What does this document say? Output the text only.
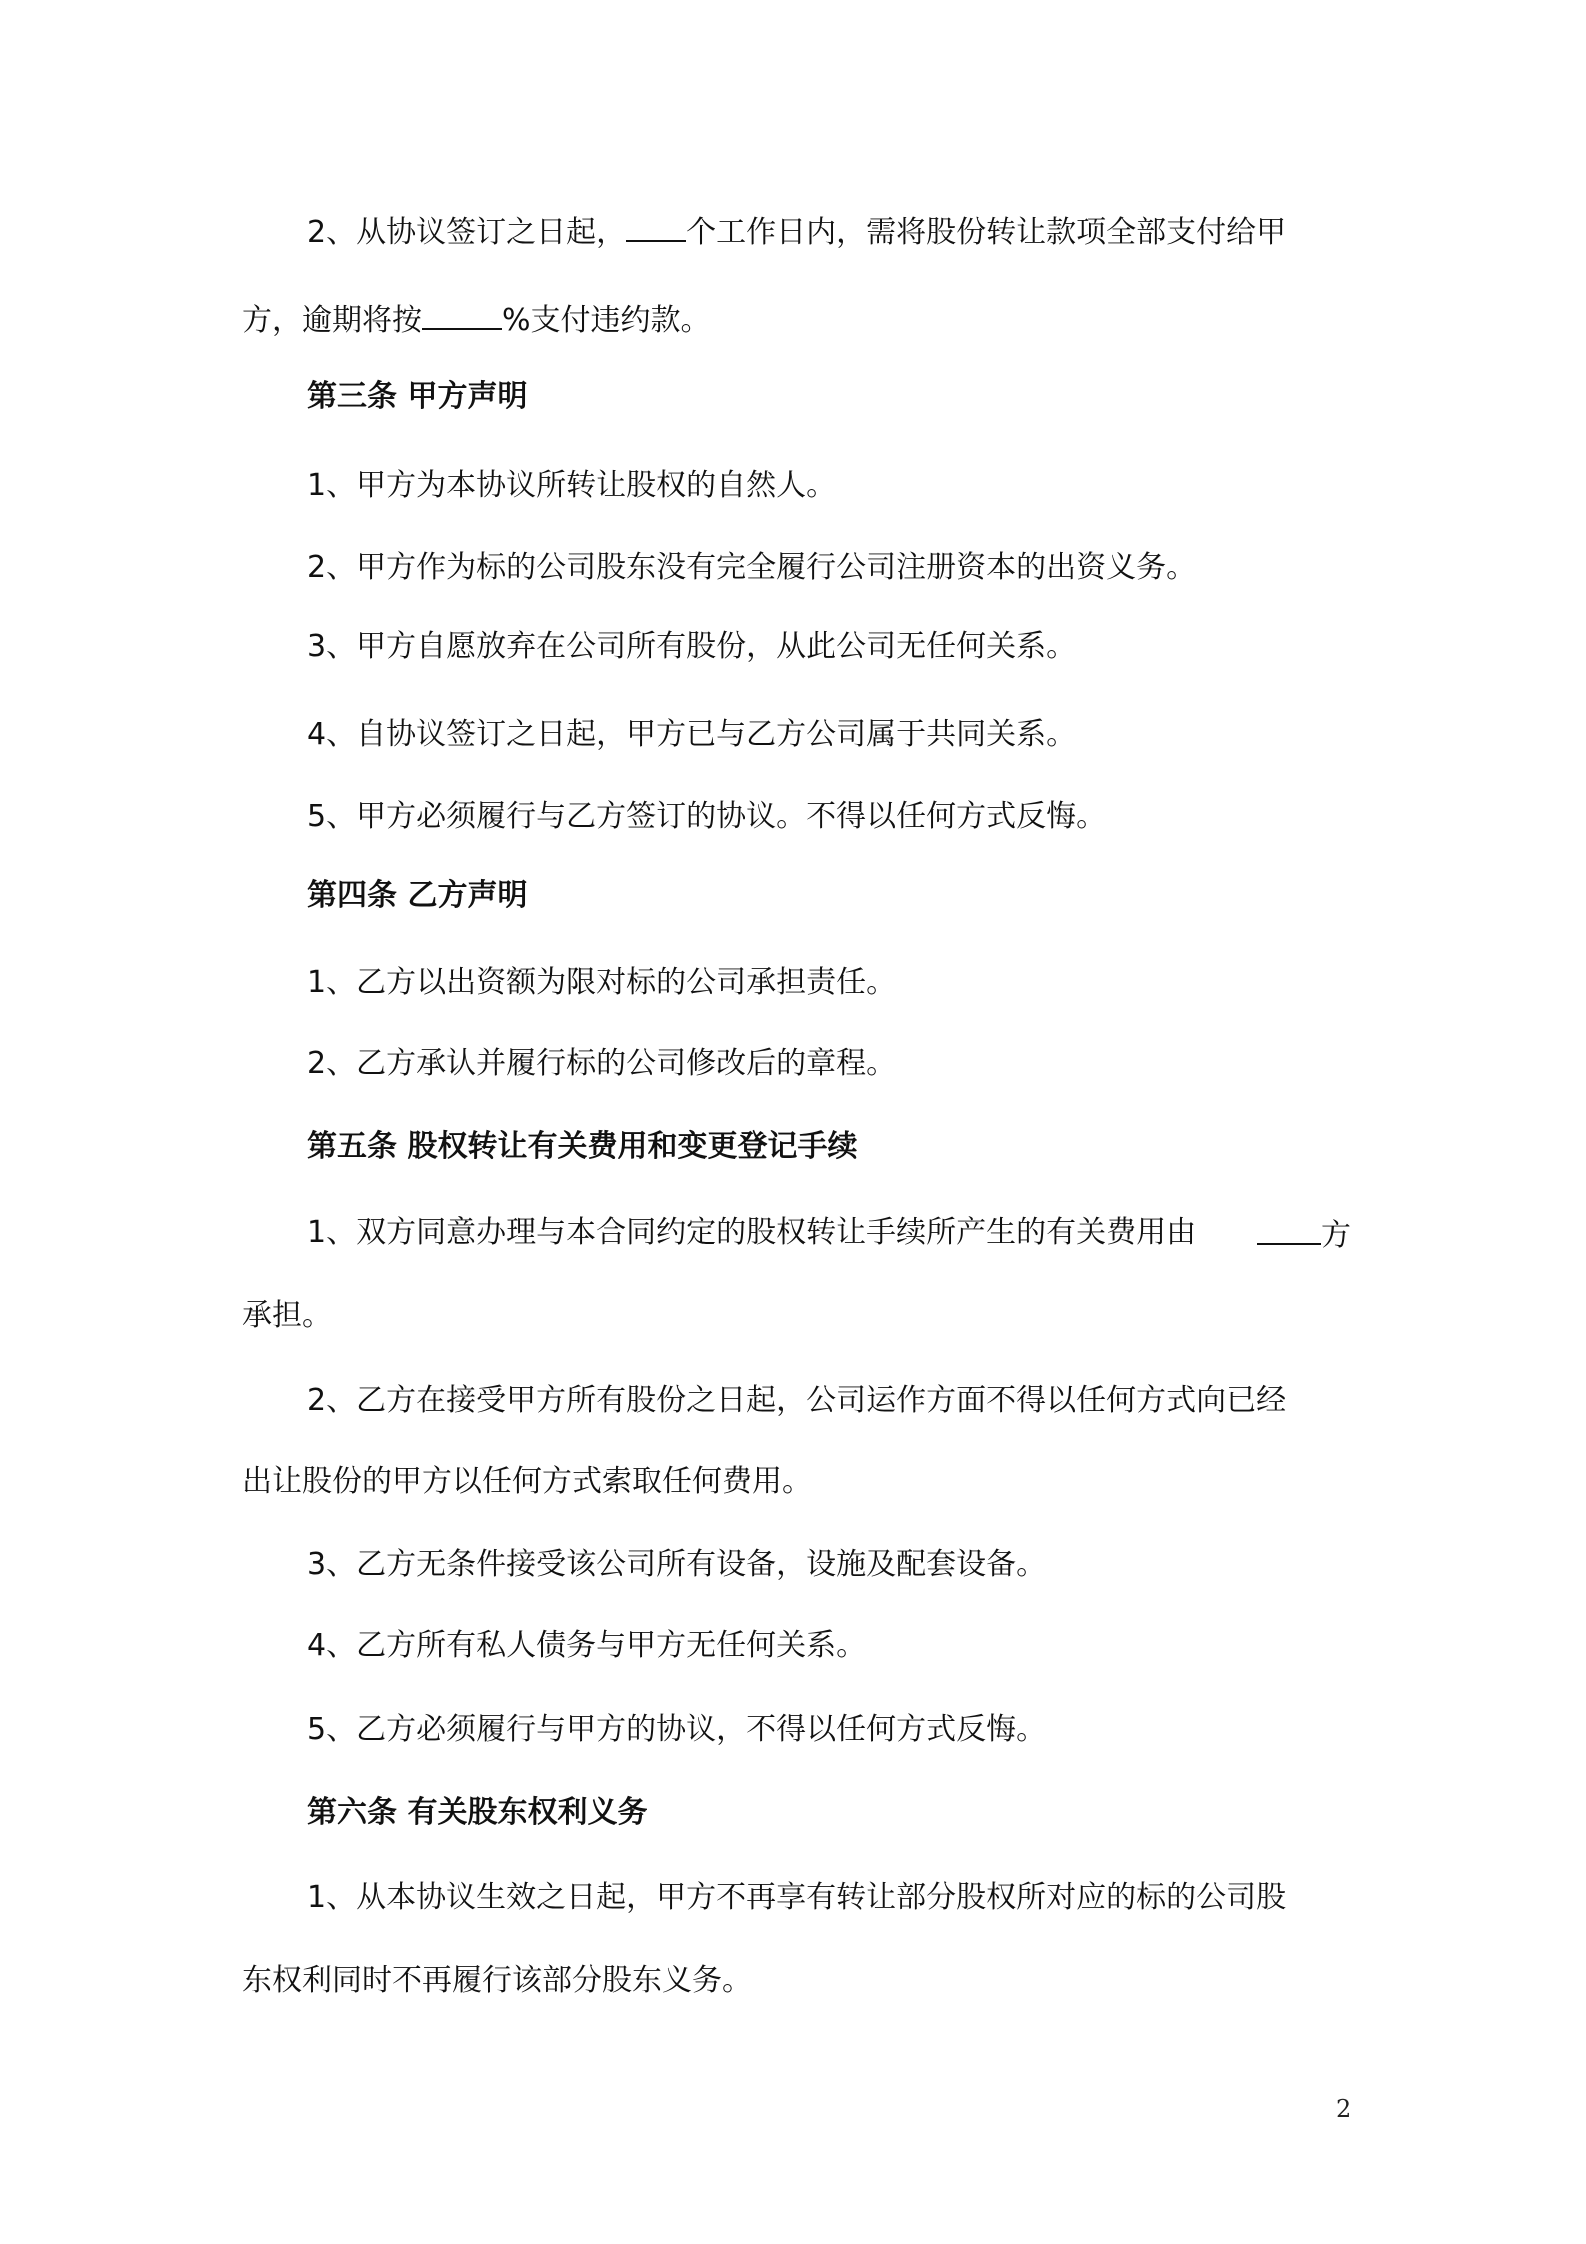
2、从协议签订之日起， 个工作日内，需将股份转让款项全部支付给甲
方，逾期将按	%支付违约款。
第三条 甲方声明
1、甲方为本协议所转让股权的自然人。
2、甲方作为标的公司股东没有完全履行公司注册资本的出资义务。
3、甲方自愿放弃在公司所有股份，从此公司无任何关系。
4、自协议签订之日起，甲方已与乙方公司属于共同关系。
5、甲方必须履行与乙方签订的协议。不得以任何方式反悔。
第四条 乙方声明
1、乙方以出资额为限对标的公司承担责任。
2、乙方承认并履行标的公司修改后的章程。
第五条 股权转让有关费用和变更登记手续
1、双方同意办理与本合同约定的股权转让手续所产生的有关费用由	方
承担。
2、乙方在接受甲方所有股份之日起，公司运作方面不得以任何方式向已经
出让股份的甲方以任何方式索取任何费用。
3、乙方无条件接受该公司所有设备，设施及配套设备。
4、乙方所有私人债务与甲方无任何关系。
5、乙方必须履行与甲方的协议，不得以任何方式反悔。
第六条 有关股东权利义务
1、从本协议生效之日起，甲方不再享有转让部分股权所对应的标的公司股
东权利同时不再履行该部分股东义务。
2
